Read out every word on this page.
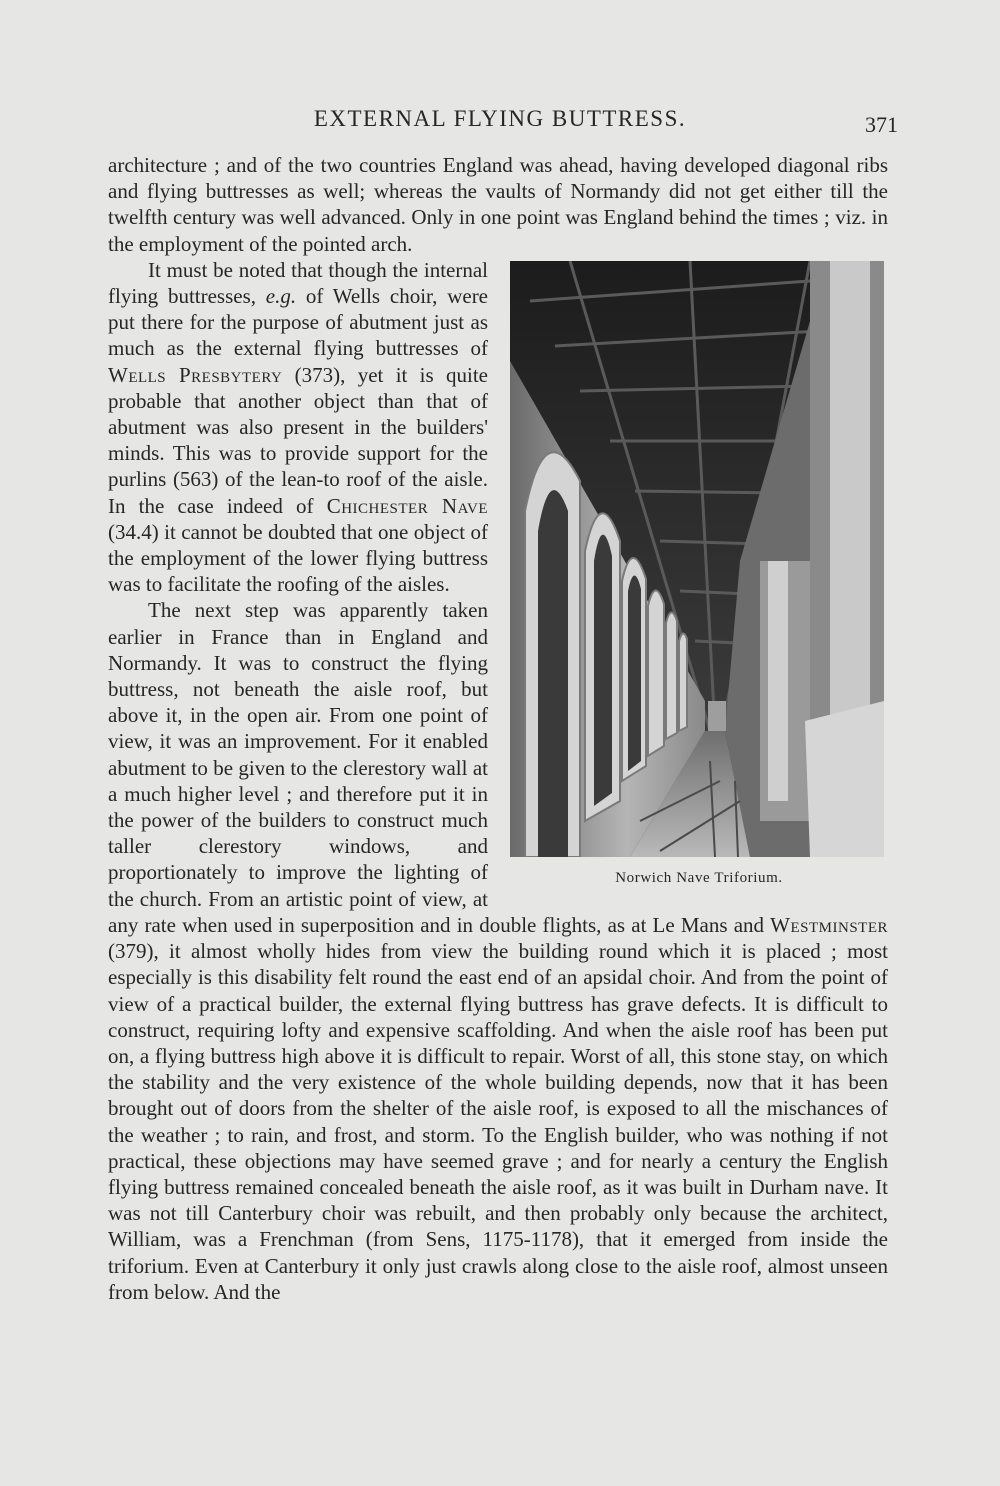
EXTERNAL FLYING BUTTRESS.	371

architecture ; and of the two countries England was ahead, having developed diagonal ribs and flying buttresses as well; whereas the vaults of Normandy did not get either till the twelfth century was well advanced. Only in one point was England behind the times ; viz. in the employment of the pointed arch.

Norwich Nave Triforium.

It must be noted that though the internal flying buttresses, e.g. of Wells choir, were put there for the purpose of abutment just as much as the external flying buttresses of Wells Presbytery (373), yet it is quite probable that another object than that of abutment was also present in the builders' minds. This was to provide support for the purlins (563) of the lean-to roof of the aisle. In the case indeed of Chichester Nave (34.4) it cannot be doubted that one object of the employment of the lower flying buttress was to facilitate the roofing of the aisles.

The next step was apparently taken earlier in France than in England and Normandy. It was to construct the flying buttress, not beneath the aisle roof, but above it, in the open air. From one point of view, it was an improvement. For it enabled abutment to be given to the clerestory wall at a much higher level ; and therefore put it in the power of the builders to construct much taller clerestory windows, and proportionately to improve the lighting of the church. From an artistic point of view, at any rate when used in superposition and in double flights, as at Le Mans and Westminster (379), it almost wholly hides from view the building round which it is placed ; most especially is this disability felt round the east end of an apsidal choir. And from the point of view of a practical builder, the external flying buttress has grave defects. It is difficult to construct, requiring lofty and expensive scaffolding. And when the aisle roof has been put on, a flying buttress high above it is difficult to repair. Worst of all, this stone stay, on which the stability and the very existence of the whole building depends, now that it has been brought out of doors from the shelter of the aisle roof, is exposed to all the mischances of the weather ; to rain, and frost, and storm. To the English builder, who was nothing if not practical, these objections may have seemed grave ; and for nearly a century the English flying buttress remained concealed beneath the aisle roof, as it was built in Durham nave. It was not till Canterbury choir was rebuilt, and then probably only because the architect, William, was a Frenchman (from Sens, 1175-1178), that it emerged from inside the triforium. Even at Canterbury it only just crawls along close to the aisle roof, almost unseen from below. And the
